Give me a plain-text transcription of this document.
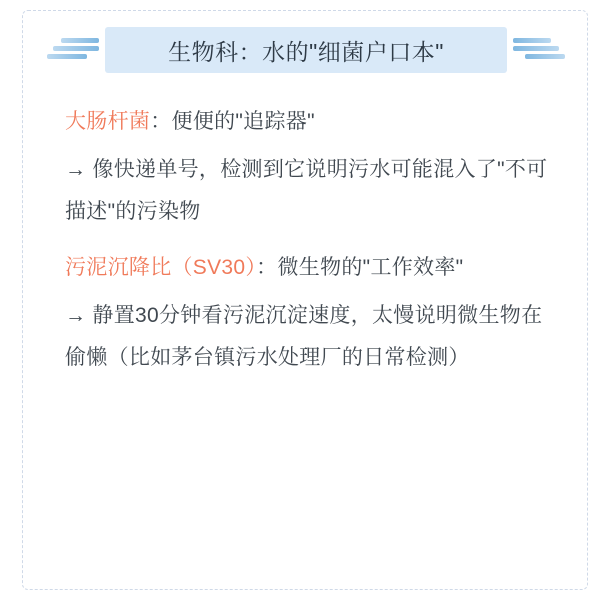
生物科：水的"细菌户口本"

大肠杆菌：便便的"追踪器"

→ 像快递单号，检测到它说明污水可能混入了"不可描述"的污染物

污泥沉降比（SV30）：微生物的"工作效率"

→ 静置30分钟看污泥沉淀速度，太慢说明微生物在偷懒（比如茅台镇污水处理厂的日常检测）
